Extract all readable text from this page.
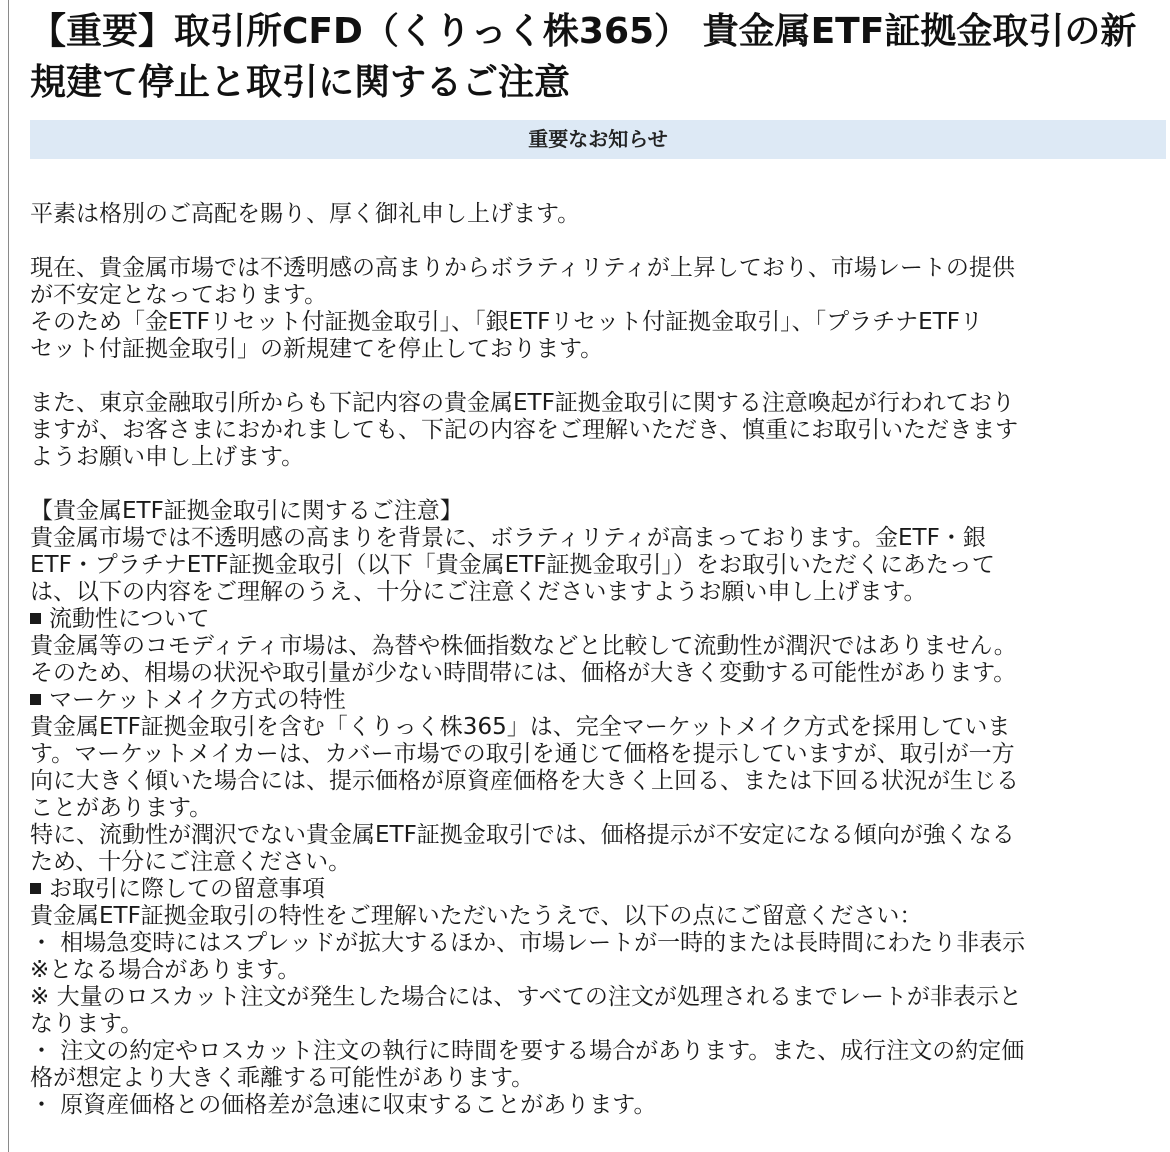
【重要】取引所CFD（くりっく株365） 貴金属ETF証拠金取引の新
規建て停止と取引に関するご注意
重要なお知らせ

平素は格別のご高配を賜り、厚く御礼申し上げます。

現在、貴金属市場では不透明感の高まりからボラティリティが上昇しており、市場レートの提供
が不安定となっております。
そのため「金ETFリセット付証拠金取引」、「銀ETFリセット付証拠金取引」、「プラチナETFリ
セット付証拠金取引」の新規建てを停止しております。

また、東京金融取引所からも下記内容の貴金属ETF証拠金取引に関する注意喚起が行われており
ますが、お客さまにおかれましても、下記の内容をご理解いただき、慎重にお取引いただきます
ようお願い申し上げます。

【貴金属ETF証拠金取引に関するご注意】
貴金属市場では不透明感の高まりを背景に、ボラティリティが高まっております。金ETF・銀
ETF・プラチナETF証拠金取引（以下「貴金属ETF証拠金取引」）をお取引いただくにあたって
は、以下の内容をご理解のうえ、十分にご注意くださいますようお願い申し上げます。
流動性について
貴金属等のコモディティ市場は、為替や株価指数などと比較して流動性が潤沢ではありません。
そのため、相場の状況や取引量が少ない時間帯には、価格が大きく変動する可能性があります。
マーケットメイク方式の特性
貴金属ETF証拠金取引を含む「くりっく株365」は、完全マーケットメイク方式を採用していま
す。マーケットメイカーは、カバー市場での取引を通じて価格を提示していますが、取引が一方
向に大きく傾いた場合には、提示価格が原資産価格を大きく上回る、または下回る状況が生じる
ことがあります。
特に、流動性が潤沢でない貴金属ETF証拠金取引では、価格提示が不安定になる傾向が強くなる
ため、十分にご注意ください。
お取引に際しての留意事項
貴金属ETF証拠金取引の特性をご理解いただいたうえで、以下の点にご留意ください：
・ 相場急変時にはスプレッドが拡大するほか、市場レートが一時的または長時間にわたり非表示
※となる場合があります。
※ 大量のロスカット注文が発生した場合には、すべての注文が処理されるまでレートが非表示と
なります。
・ 注文の約定やロスカット注文の執行に時間を要する場合があります。また、成行注文の約定価
格が想定より大きく乖離する可能性があります。
・ 原資産価格との価格差が急速に収束することがあります。
